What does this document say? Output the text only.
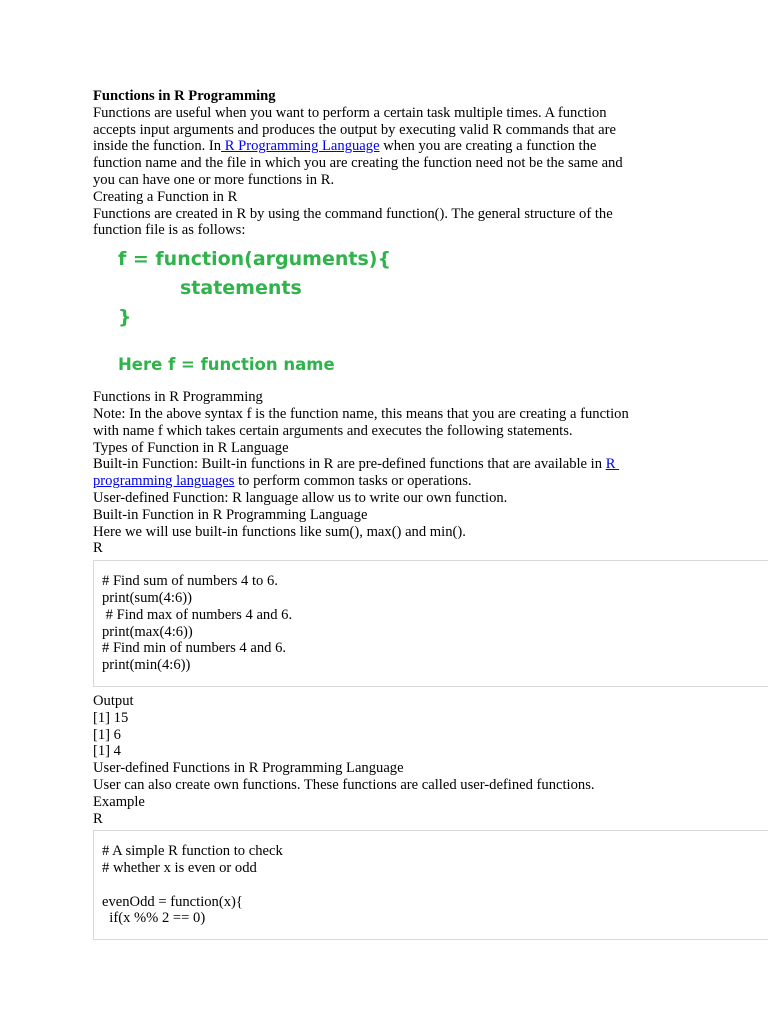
Functions in R Programming
Functions are useful when you want to perform a certain task multiple times. A function
accepts input arguments and produces the output by executing valid R commands that are
inside the function. In R Programming Language when you are creating a function the
function name and the file in which you are creating the function need not be the same and
you can have one or more functions in R.
Creating a Function in R
Functions are created in R by using the command function(). The general structure of the
function file is as follows:
f = function(arguments){
statements
}
Here f = function name
Functions in R Programming
Note: In the above syntax f is the function name, this means that you are creating a function
with name f which takes certain arguments and executes the following statements.
Types of Function in R Language
Built-in Function: Built-in functions in R are pre-defined functions that are available in R
programming languages to perform common tasks or operations.
User-defined Function: R language allow us to write our own function.
Built-in Function in R Programming Language
Here we will use built-in functions like sum(), max() and min().
R
# Find sum of numbers 4 to 6.
print(sum(4:6))
# Find max of numbers 4 and 6.
print(max(4:6))
# Find min of numbers 4 and 6.
print(min(4:6))
Output
[1] 15
[1] 6
[1] 4
User-defined Functions in R Programming Language
User can also create own functions. These functions are called user-defined functions.
Example
R
# A simple R function to check
# whether x is even or odd
evenOdd = function(x){
if(x %% 2 == 0)
